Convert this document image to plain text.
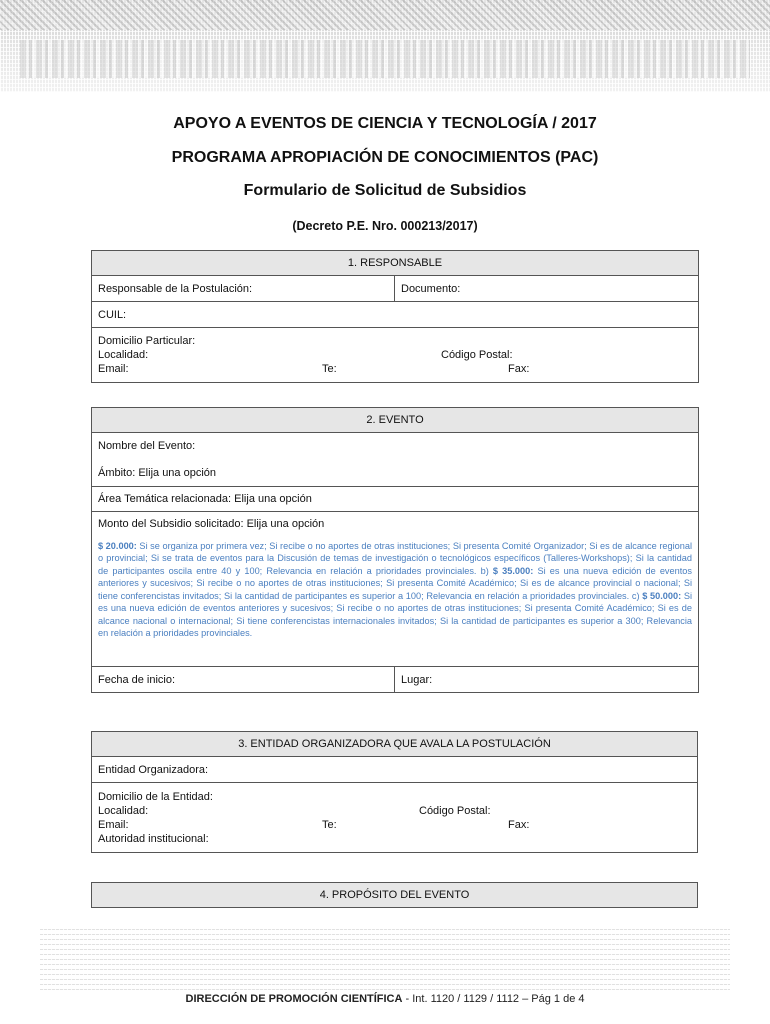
APOYO A EVENTOS DE CIENCIA Y TECNOLOGÍA / 2017
PROGRAMA APROPIACIÓN DE CONOCIMIENTOS (PAC)
Formulario de Solicitud de Subsidios
(Decreto P.E. Nro. 000213/2017)
1. RESPONSABLE
Responsable de la Postulación:	Documento:
CUIL:

Domicilio Particular:
Localidad:	Código Postal:
Email:	Te:	Fax:
2. EVENTO
Nombre del Evento:
Ámbito: Elija una opción
Área Temática relacionada: Elija una opción
Monto del Subsidio solicitado: Elija una opción

$ 20.000: Si se organiza por primera vez; Si recibe o no aportes de otras instituciones; Si presenta Comité Organizador; Si es de alcance regional o provincial; Si se trata de eventos para la Discusión de temas de investigación o tecnológicos específicos (Talleres-Workshops); Si la cantidad de participantes oscila entre 40 y 100; Relevancia en relación a prioridades provinciales. b) $ 35.000: Si es una nueva edición de eventos anteriores y sucesivos; Si recibe o no aportes de otras instituciones; Si presenta Comité Académico; Si es de alcance provincial o nacional; Si tiene conferencistas invitados; Si la cantidad de participantes es superior a 100; Relevancia en relación a prioridades provinciales. c) $ 50.000: Si es una nueva edición de eventos anteriores y sucesivos; Si recibe o no aportes de otras instituciones; Si presenta Comité Académico; Si es de alcance nacional o internacional; Si tiene conferencistas internacionales invitados; Si la cantidad de participantes es superior a 300; Relevancia en relación a prioridades provinciales.

Fecha de inicio:	Lugar:
3. ENTIDAD ORGANIZADORA QUE AVALA LA POSTULACIÓN
Entidad Organizadora:

Domicilio de la Entidad:
Localidad:	Código Postal:
Email:	Te:	Fax:
Autoridad institucional:
4. PROPÓSITO DEL EVENTO
DIRECCIÓN DE PROMOCIÓN CIENTÍFICA - Int. 1120 / 1129 / 1112 – Pág 1 de 4
